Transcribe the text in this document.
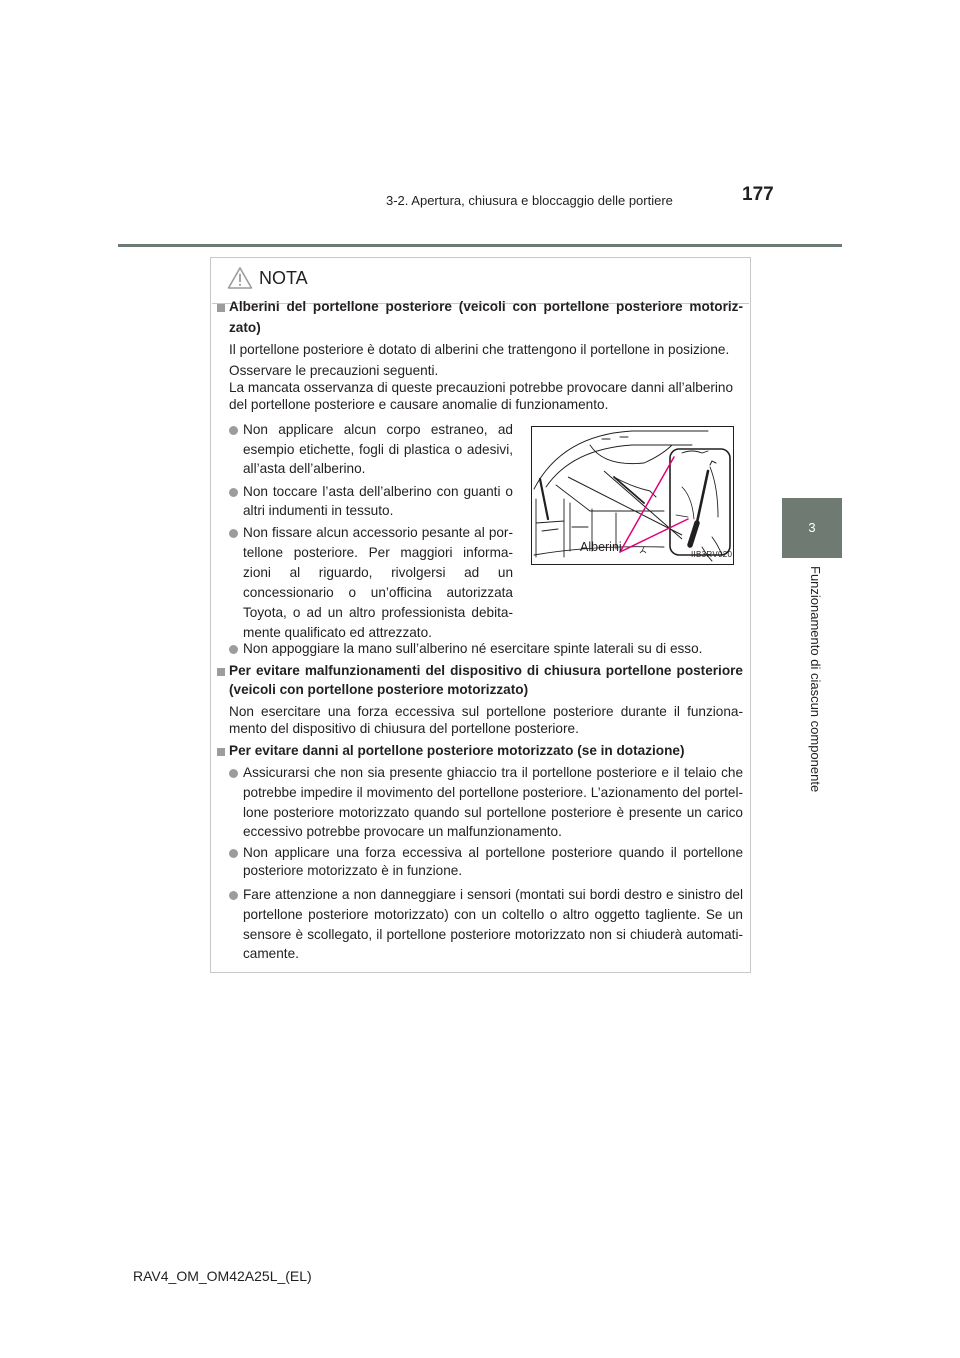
3-2. Apertura, chiusura e bloccaggio delle portiere	177
3
Funzionamento di ciascun componente
NOTA

Alberini del portellone posteriore (veicoli con portellone posteriore motoriz-

zato)

Il portellone posteriore è dotato di alberini che trattengono il portellone in posizione.

Osservare le precauzioni seguenti.

La mancata osservanza di queste precauzioni potrebbe provocare danni all’alberino

del portellone posteriore e causare anomalie di funzionamento.

Non applicare alcun corpo estraneo, ad

esempio etichette, fogli di plastica o adesivi,

all’asta dell’alberino.

Non toccare l’asta dell’alberino con guanti o

altri indumenti in tessuto.

Non fissare alcun accessorio pesante al por-

tellone posteriore. Per maggiori informa-

zioni al riguardo, rivolgersi ad un

concessionario o un’officina autorizzata

Toyota, o ad un altro professionista debita-

mente qualificato ed attrezzato.

Alberini
IIB3RV020

Non appoggiare la mano sull’alberino né esercitare spinte laterali su di esso.

Per evitare malfunzionamenti del dispositivo di chiusura portellone posteriore

(veicoli con portellone posteriore motorizzato)

Non esercitare una forza eccessiva sul portellone posteriore durante il funziona-

mento del dispositivo di chiusura del portellone posteriore.

Per evitare danni al portellone posteriore motorizzato (se in dotazione)

Assicurarsi che non sia presente ghiaccio tra il portellone posteriore e il telaio che

potrebbe impedire il movimento del portellone posteriore. L’azionamento del portel-

lone posteriore motorizzato quando sul portellone posteriore è presente un carico

eccessivo potrebbe provocare un malfunzionamento.

Non applicare una forza eccessiva al portellone posteriore quando il portellone

posteriore motorizzato è in funzione.

Fare attenzione a non danneggiare i sensori (montati sui bordi destro e sinistro del

portellone posteriore motorizzato) con un coltello o altro oggetto tagliente. Se un

sensore è scollegato, il portellone posteriore motorizzato non si chiuderà automati-

camente.

RAV4_OM_OM42A25L_(EL)
